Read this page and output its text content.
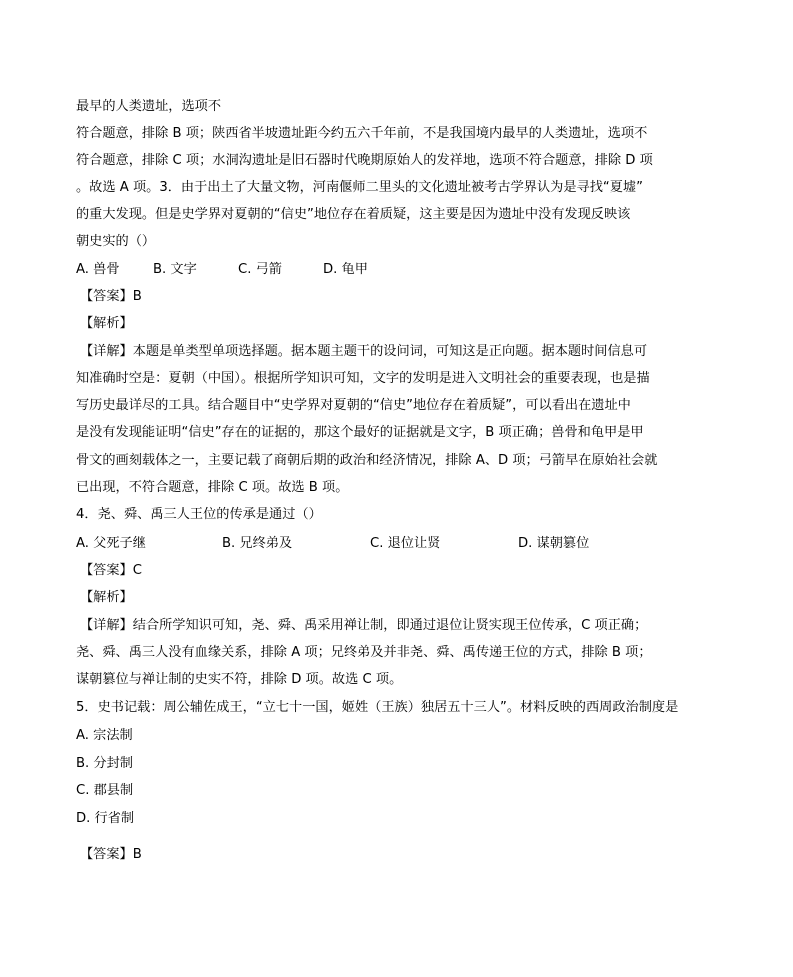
最早的人类遗址，选项不
符合题意，排除 B 项；陕西省半坡遗址距今约五六千年前，不是我国境内最早的人类遗址，选项不
符合题意，排除 C 项；水洞沟遗址是旧石器时代晚期原始人的发祥地，选项不符合题意，排除 D 项
。故选 A 项。3．由于出土了大量文物，河南偃师二里头的文化遗址被考古学界认为是寻找“夏墟”
的重大发现。但是史学界对夏朝的“信史”地位存在着质疑，这主要是因为遗址中没有发现反映该
朝史实的（）
A. 兽骨	B. 文字	C. 弓箭	D. 龟甲
【答案】B
【解析】
【详解】本题是单类型单项选择题。据本题主题干的设问词，可知这是正向题。据本题时间信息可
知准确时空是：夏朝（中国）。根据所学知识可知，文字的发明是进入文明社会的重要表现，也是描
写历史最详尽的工具。结合题目中“史学界对夏朝的“信史”地位存在着质疑”，可以看出在遗址中
是没有发现能证明“信史”存在的证据的，那这个最好的证据就是文字，B 项正确；兽骨和龟甲是甲
骨文的画刻载体之一，主要记载了商朝后期的政治和经济情况，排除 A、D 项；弓箭早在原始社会就
已出现，不符合题意，排除 C 项。故选 B 项。
4．尧、舜、禹三人王位的传承是通过（）
A. 父死子继	B. 兄终弟及	C. 退位让贤	D. 谋朝篡位
【答案】C
【解析】
【详解】结合所学知识可知，尧、舜、禹采用禅让制，即通过退位让贤实现王位传承，C 项正确；
尧、舜、禹三人没有血缘关系，排除 A 项；兄终弟及并非尧、舜、禹传递王位的方式，排除 B 项；
谋朝篡位与禅让制的史实不符，排除 D 项。故选 C 项。
5．史书记载：周公辅佐成王，“立七十一国，姬姓（王族）独居五十三人”。材料反映的西周政治制度是
A. 宗法制
B. 分封制
C. 郡县制
D. 行省制
【答案】B
